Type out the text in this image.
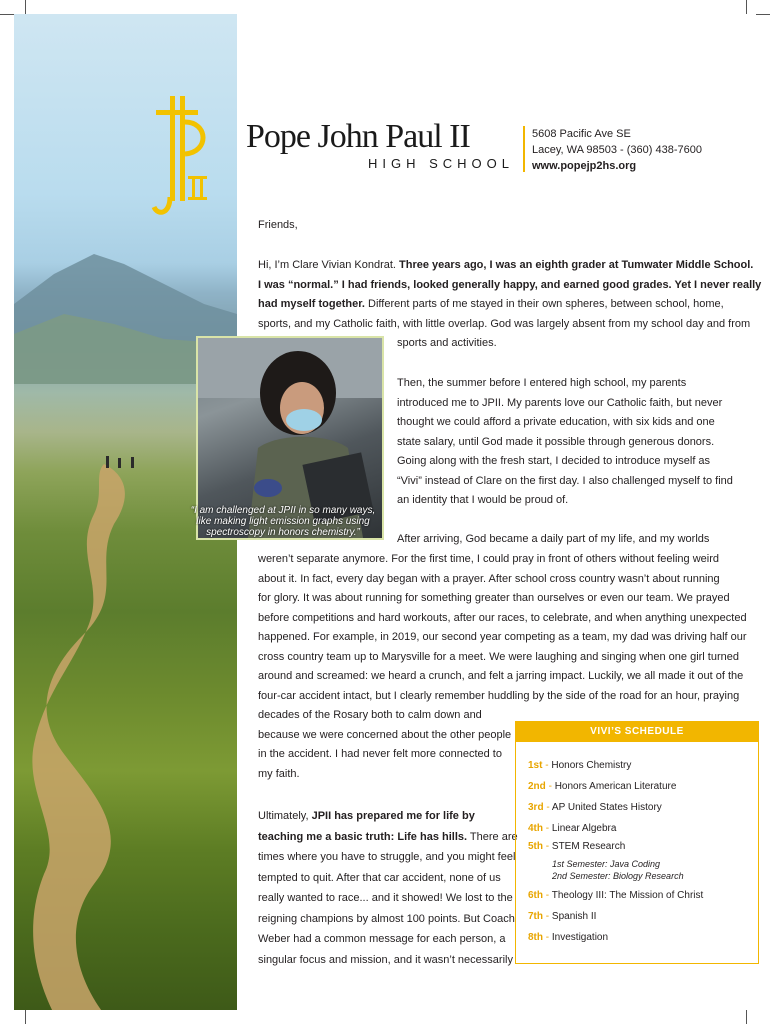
Pope John Paul II
HIGH SCHOOL
5608 Pacific Ave SE
Lacey, WA 98503 - (360) 438-7600
www.popejp2hs.org
Friends,
Hi, I’m Clare Vivian Kondrat. Three years ago, I was an eighth grader at Tumwater Middle School.
I was “normal.” I had friends, looked generally happy, and earned good grades. Yet I never really
had myself together. Different parts of me stayed in their own spheres, between school, home,
sports, and my Catholic faith, with little overlap. God was largely absent from my school day and from
sports and activities.
“I am challenged at JPII in so many ways, like making light emission graphs using spectroscopy in honors chemistry.”
Then, the summer before I entered high school, my parents
introduced me to JPII. My parents love our Catholic faith, but never
thought we could afford a private education, with six kids and one
state salary, until God made it possible through generous donors.
Going along with the fresh start, I decided to introduce myself as
“Vivi” instead of Clare on the first day. I also challenged myself to find
an identity that I would be proud of.
After arriving, God became a daily part of my life, and my worlds
weren’t separate anymore. For the first time, I could pray in front of others without feeling weird
about it. In fact, every day began with a prayer. After school cross country wasn’t about running
for glory. It was about running for something greater than ourselves or even our team. We prayed
before competitions and hard workouts, after our races, to celebrate, and when anything unexpected
happened. For example, in 2019, our second year competing as a team, my dad was driving half our
cross country team up to Marysville for a meet. We were laughing and singing when one girl turned
around and screamed: we heard a crunch, and felt a jarring impact. Luckily, we all made it out of the
four-car accident intact, but I clearly remember huddling by the side of the road for an hour, praying
decades of the Rosary both to calm down and
because we were concerned about the other people
in the accident. I had never felt more connected to
my faith.
Ultimately, JPII has prepared me for life by
teaching me a basic truth: Life has hills. There are
times where you have to struggle, and you might feel
tempted to quit. After that car accident, none of us
really wanted to race... and it showed! We lost to the
reigning champions by almost 100 points. But Coach
Weber had a common message for each person, a
singular focus and mission, and it wasn’t necessarily
VIVI’S SCHEDULE
1st - Honors Chemistry
2nd - Honors American Literature
3rd - AP United States History
4th - Linear Algebra
5th - STEM Research
1st Semester: Java Coding
2nd Semester: Biology Research
6th - Theology III: The Mission of Christ
7th - Spanish II
8th - Investigation
